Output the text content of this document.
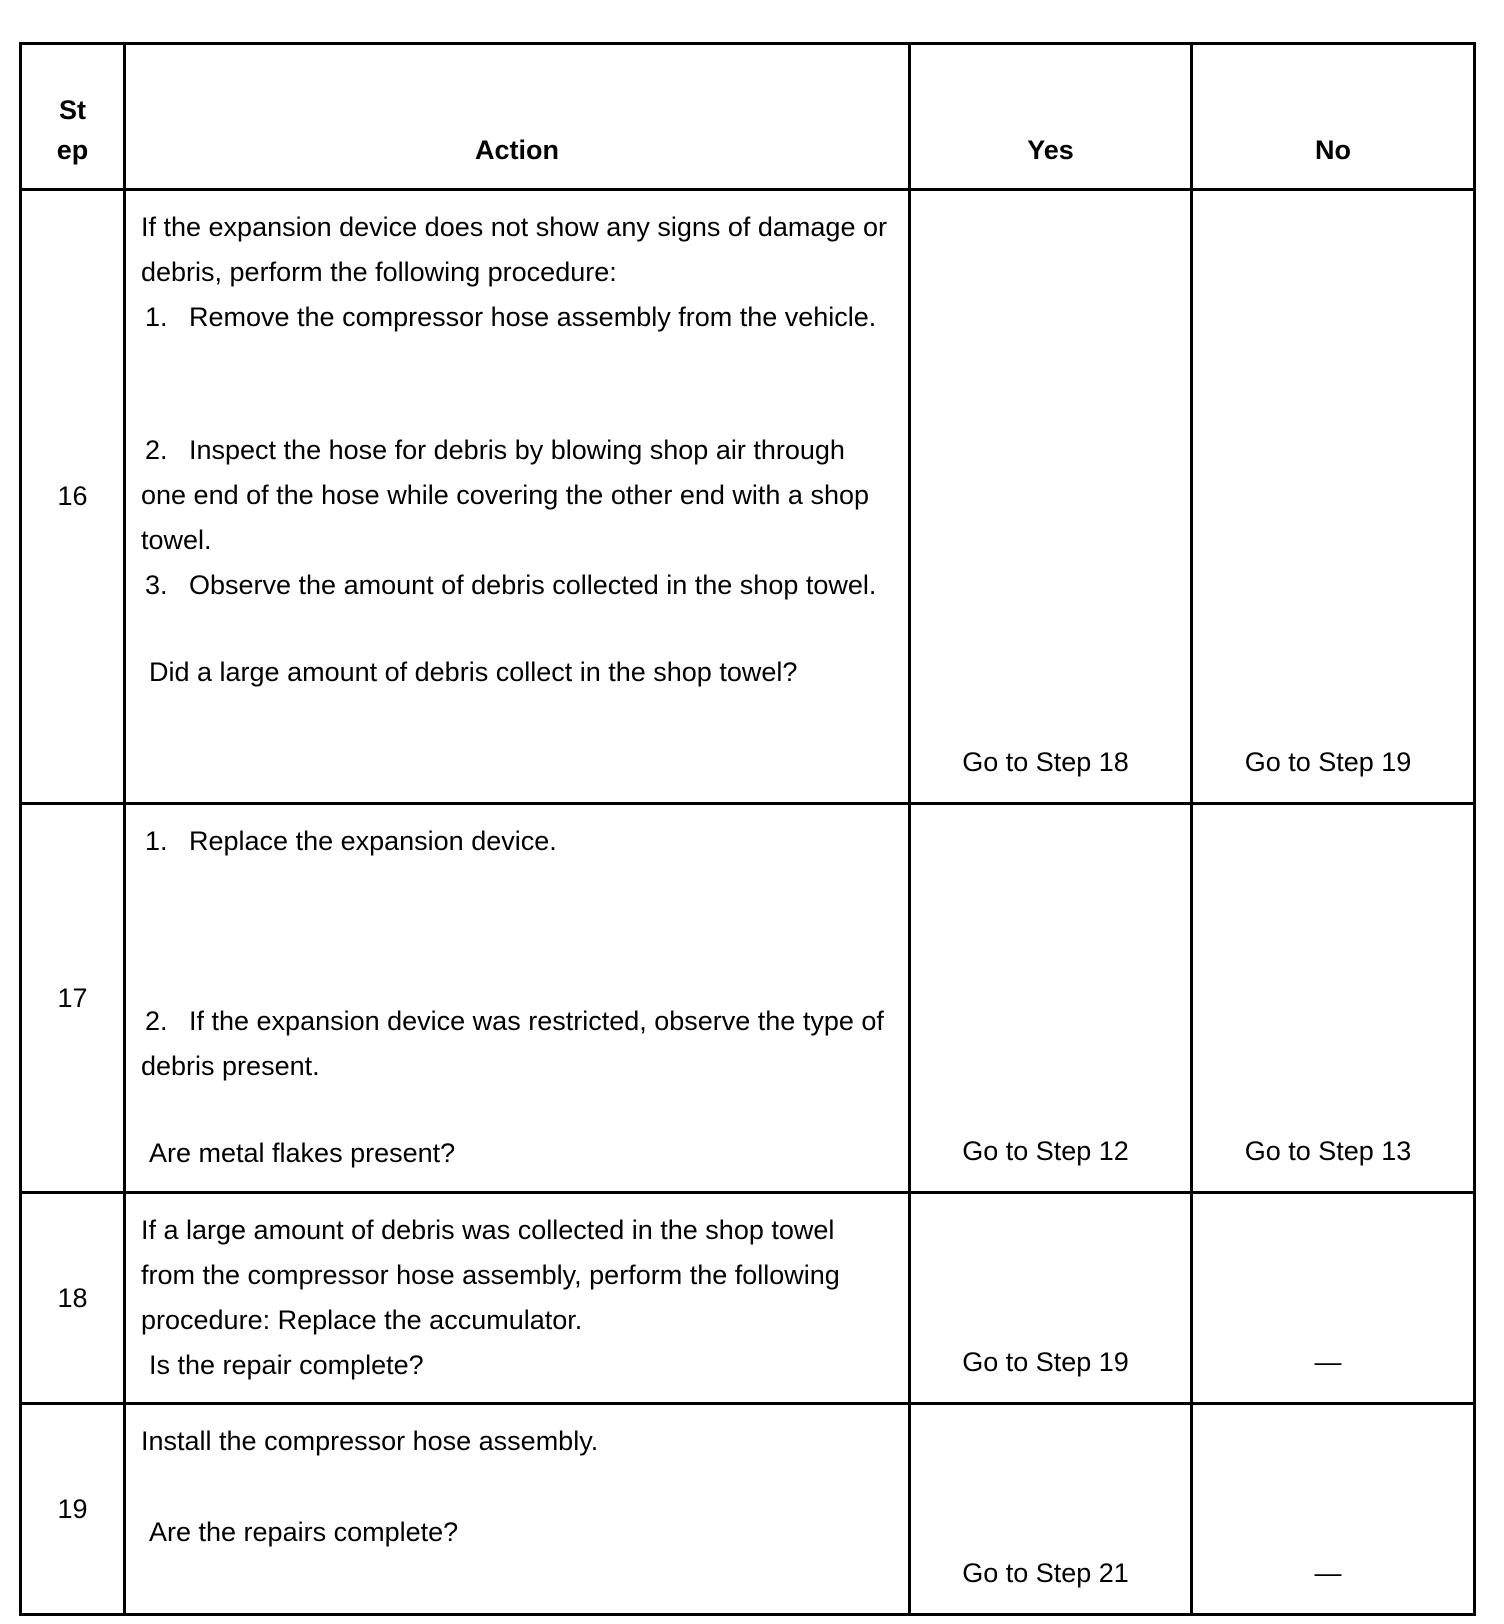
St
ep	Action	Yes	No

16	If the expansion device does not show any signs of damage or debris, perform the following procedure:

1. Remove the compressor hose assembly from the vehicle.

2. Inspect the hose for debris by blowing shop air through one end of the hose while covering the other end with a shop towel.

3. Observe the amount of debris collected in the shop towel.

Did a large amount of debris collect in the shop towel?	Go to Step 18	Go to Step 19

17	1. Replace the expansion device.

2. If the expansion device was restricted, observe the type of debris present.

Are metal flakes present?	Go to Step 12	Go to Step 13

18	If a large amount of debris was collected in the shop towel from the compressor hose assembly, perform the following procedure: Replace the accumulator.

Is the repair complete?	Go to Step 19	—

19	Install the compressor hose assembly.

Are the repairs complete?	Go to Step 21	—
